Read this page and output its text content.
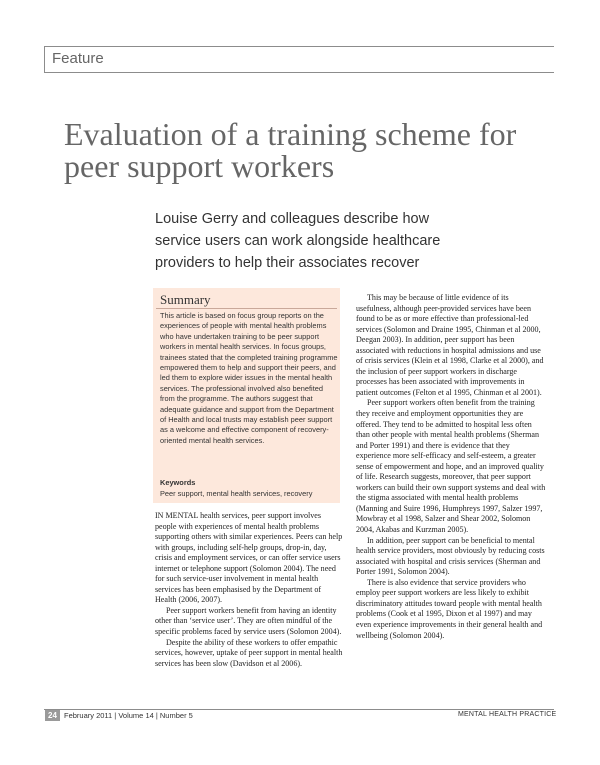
Feature
Evaluation of a training scheme for peer support workers
Louise Gerry and colleagues describe how service users can work alongside healthcare providers to help their associates recover
Summary
This article is based on focus group reports on the experiences of people with mental health problems who have undertaken training to be peer support workers in mental health services. In focus groups, trainees stated that the completed training programme empowered them to help and support their peers, and led them to explore wider issues in the mental health services. The professional involved also benefited from the programme. The authors suggest that adequate guidance and support from the Department of Health and local trusts may establish peer support as a welcome and effective component of recovery-oriented mental health services.
Keywords
Peer support, mental health services, recovery

IN MENTAL health services, peer support involves people with experiences of mental health problems supporting others with similar experiences. Peers can help with groups, including self-help groups, drop-in, day, crisis and employment services, or can offer service users internet or telephone support (Solomon 2004). The need for such service-user involvement in mental health services has been emphasised by the Department of Health (2006, 2007).

Peer support workers benefit from having an identity other than ‘service user’. They are often mindful of the specific problems faced by service users (Solomon 2004).

Despite the ability of these workers to offer empathic services, however, uptake of peer support in mental health services has been slow (Davidson et al 2006).

This may be because of little evidence of its usefulness, although peer-provided services have been found to be as or more effective than professional-led services (Solomon and Draine 1995, Chinman et al 2000, Deegan 2003). In addition, peer support has been associated with reductions in hospital admissions and use of crisis services (Klein et al 1998, Clarke et al 2000), and the inclusion of peer support workers in discharge processes has been associated with improvements in patient outcomes (Felton et al 1995, Chinman et al 2001).

Peer support workers often benefit from the training they receive and employment opportunities they are offered. They tend to be admitted to hospital less often than other people with mental health problems (Sherman and Porter 1991) and there is evidence that they experience more self-efficacy and self-esteem, a greater sense of empowerment and hope, and an improved quality of life. Research suggests, moreover, that peer support workers can build their own support systems and deal with the stigma associated with mental health problems (Manning and Suire 1996, Humphreys 1997, Salzer 1997, Mowbray et al 1998, Salzer and Shear 2002, Solomon 2004, Akabas and Kurzman 2005).

In addition, peer support can be beneficial to mental health service providers, most obviously by reducing costs associated with hospital and crisis services (Sherman and Porter 1991, Solomon 2004).

There is also evidence that service providers who employ peer support workers are less likely to exhibit discriminatory attitudes toward people with mental health problems (Cook et al 1995, Dixon et al 1997) and may even experience improvements in their general health and wellbeing (Solomon 2004).

24 February 2011 | Volume 14 | Number 5	MENTAL HEALTH PRACTICE
